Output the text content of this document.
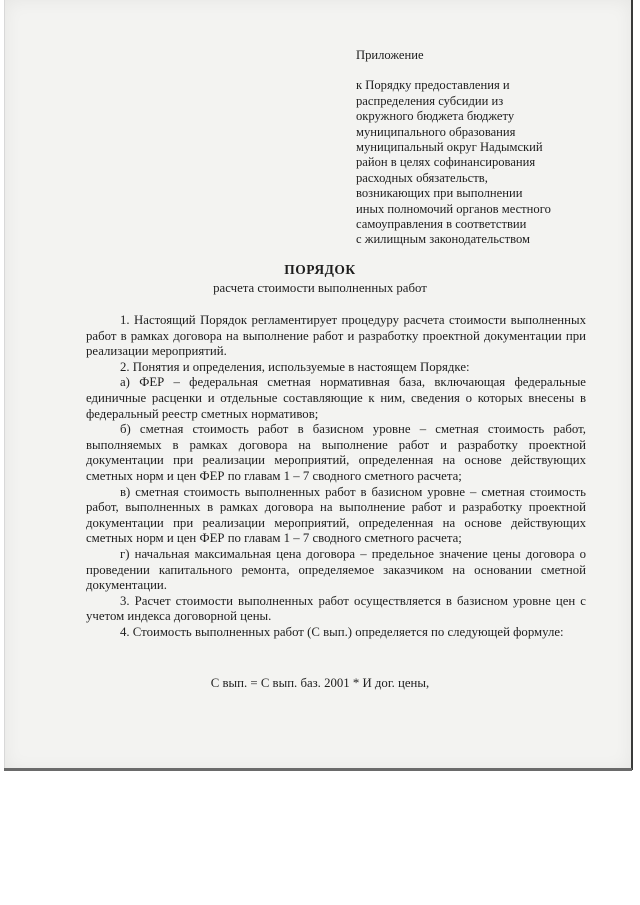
Приложение
к Порядку предоставления и
распределения субсидии из
окружного бюджета бюджету
муниципального образования
муниципальный округ Надымский
район в целях софинансирования
расходных обязательств,
возникающих при выполнении
иных полномочий органов местного
самоуправления в соответствии
с жилищным законодательством
ПОРЯДОК
расчета стоимости выполненных работ

1. Настоящий Порядок регламентирует процедуру расчета стоимости выполненных работ в рамках договора на выполнение работ и разработку проектной документации при реализации мероприятий.

2. Понятия и определения, используемые в настоящем Порядке:

а) ФЕР – федеральная сметная нормативная база, включающая федеральные единичные расценки и отдельные составляющие к ним, сведения о которых внесены в федеральный реестр сметных нормативов;

б) сметная стоимость работ в базисном уровне – сметная стоимость работ, выполняемых в рамках договора на выполнение работ и разработку проектной документации при реализации мероприятий, определенная на основе действующих сметных норм и цен ФЕР по главам 1 – 7 сводного сметного расчета;

в) сметная стоимость выполненных работ в базисном уровне – сметная стоимость работ, выполненных в рамках договора на выполнение работ и разработку проектной документации при реализации мероприятий, определенная на основе действующих сметных норм и цен ФЕР по главам 1 – 7 сводного сметного расчета;

г) начальная максимальная цена договора – предельное значение цены договора о проведении капитального ремонта, определяемое заказчиком на основании сметной документации.

3. Расчет стоимости выполненных работ осуществляется в базисном уровне цен с учетом индекса договорной цены.

4. Стоимость выполненных работ (С вып.) определяется по следующей формуле:

С вып. = С вып. баз. 2001 * И дог. цены,
